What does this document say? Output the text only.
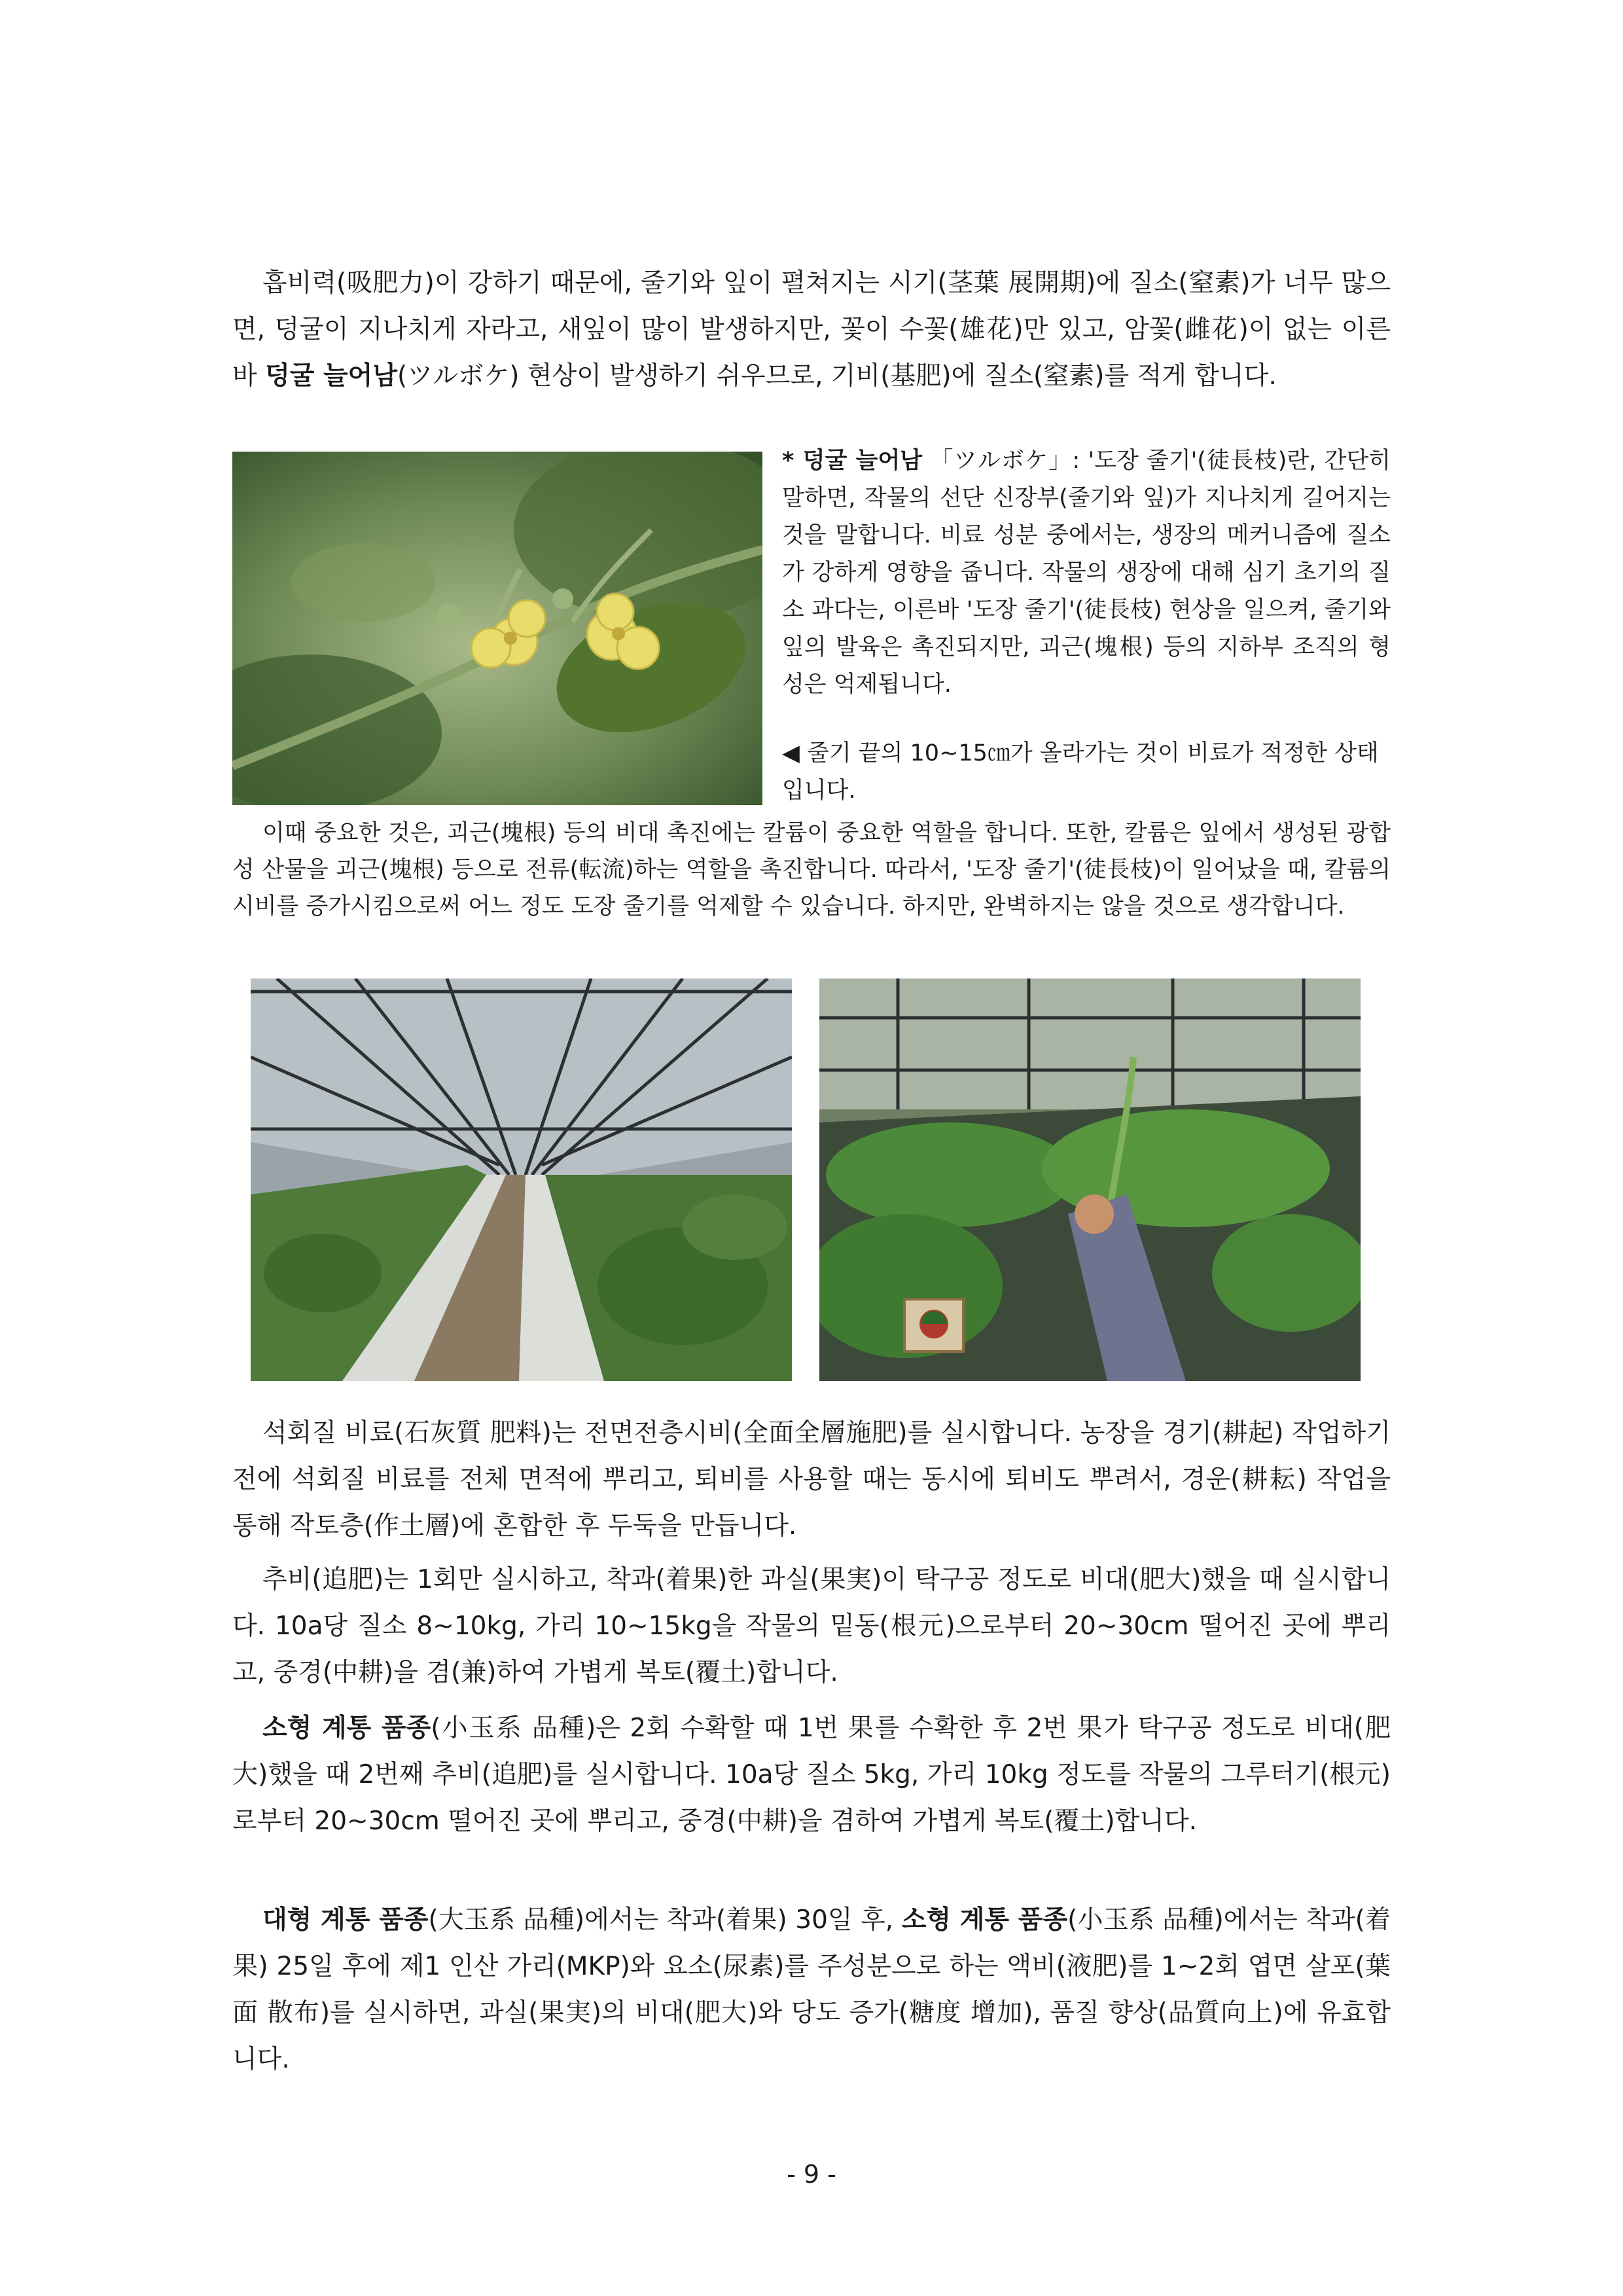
흡비력(吸肥力)이 강하기 때문에, 줄기와 잎이 펼쳐지는 시기(茎葉 展開期)에 질소(窒素)가 너무 많으면, 덩굴이 지나치게 자라고, 새잎이 많이 발생하지만, 꽃이 수꽃(雄花)만 있고, 암꽃(雌花)이 없는 이른바 덩굴 늘어남(ツルボケ) 현상이 발생하기 쉬우므로, 기비(基肥)에 질소(窒素)를 적게 합니다.
* 덩굴 늘어남 「ツルボケ」: '도장 줄기'(徒長枝)란, 간단히 말하면, 작물의 선단 신장부(줄기와 잎)가 지나치게 길어지는 것을 말합니다. 비료 성분 중에서는, 생장의 메커니즘에 질소가 강하게 영향을 줍니다. 작물의 생장에 대해 심기 초기의 질소 과다는, 이른바 '도장 줄기'(徒長枝) 현상을 일으켜, 줄기와 잎의 발육은 촉진되지만, 괴근(塊根) 등의 지하부 조직의 형성은 억제됩니다.
◀ 줄기 끝의 10~15㎝가 올라가는 것이 비료가 적정한 상태입니다.
이때 중요한 것은, 괴근(塊根) 등의 비대 촉진에는 칼륨이 중요한 역할을 합니다. 또한, 칼륨은 잎에서 생성된 광합성 산물을 괴근(塊根) 등으로 전류(転流)하는 역할을 촉진합니다. 따라서, '도장 줄기'(徒長枝)이 일어났을 때, 칼륨의 시비를 증가시킴으로써 어느 정도 도장 줄기를 억제할 수 있습니다. 하지만, 완벽하지는 않을 것으로 생각합니다.
석회질 비료(石灰質 肥料)는 전면전층시비(全面全層施肥)를 실시합니다. 농장을 경기(耕起) 작업하기 전에 석회질 비료를 전체 면적에 뿌리고, 퇴비를 사용할 때는 동시에 퇴비도 뿌려서, 경운(耕耘) 작업을 통해 작토층(作土層)에 혼합한 후 두둑을 만듭니다.
추비(追肥)는 1회만 실시하고, 착과(着果)한 과실(果実)이 탁구공 정도로 비대(肥大)했을 때 실시합니다. 10a당 질소 8~10kg, 가리 10~15kg을 작물의 밑동(根元)으로부터 20~30cm 떨어진 곳에 뿌리고, 중경(中耕)을 겸(兼)하여 가볍게 복토(覆土)합니다.
소형 계통 품종(小玉系 品種)은 2회 수확할 때 1번 果를 수확한 후 2번 果가 탁구공 정도로 비대(肥大)했을 때 2번째 추비(追肥)를 실시합니다. 10a당 질소 5kg, 가리 10kg 정도를 작물의 그루터기(根元)로부터 20~30cm 떨어진 곳에 뿌리고, 중경(中耕)을 겸하여 가볍게 복토(覆土)합니다.
대형 계통 품종(大玉系 品種)에서는 착과(着果) 30일 후, 소형 계통 품종(小玉系 品種)에서는 착과(着果) 25일 후에 제1 인산 가리(MKP)와 요소(尿素)를 주성분으로 하는 액비(液肥)를 1~2회 엽면 살포(葉面 散布)를 실시하면, 과실(果実)의 비대(肥大)와 당도 증가(糖度 增加), 품질 향상(品質向上)에 유효합니다.
- 9 -
